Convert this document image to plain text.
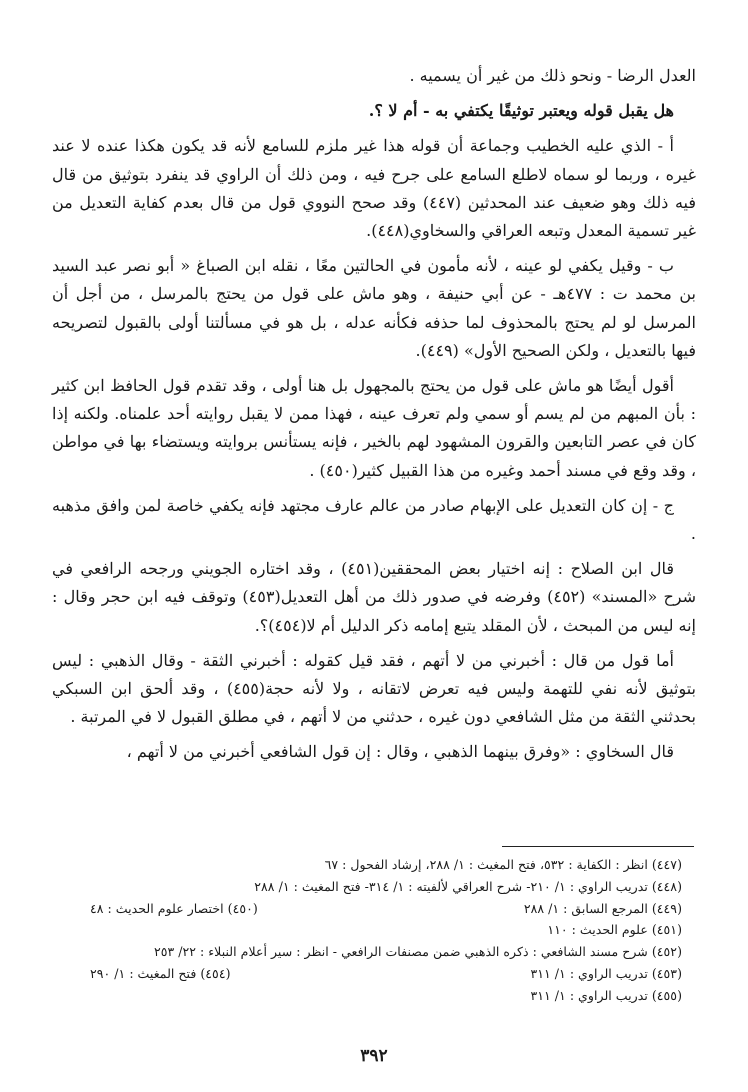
العدل الرضا - ونحو ذلك من غير أن يسميه .

هل يقبل قوله ويعتبر توثيقًا يكتفي به - أم لا ؟.

أ - الذي عليه الخطيب وجماعة أن قوله هذا غير ملزم للسامع لأنه قد يكون هكذا عنده لا عند غيره ، وربما لو سماه لاطلع السامع على جرح فيه ، ومن ذلك أن الراوي قد ينفرد بتوثيق من قال فيه ذلك وهو ضعيف عند المحدثين (٤٤٧) وقد صحح النووي قول من قال بعدم كفاية التعديل من غير تسمية المعدل وتبعه العراقي والسخاوي(٤٤٨).

ب - وقيل يكفي لو عينه ، لأنه مأمون في الحالتين معًا ، نقله ابن الصباغ « أبو نصر عبد السيد بن محمد ت : ٤٧٧هـ - عن أبي حنيفة ، وهو ماش على قول من يحتج بالمرسل ، من أجل أن المرسل لو لم يحتج بالمحذوف لما حذفه فكأنه عدله ، بل هو في مسألتنا أولى بالقبول لتصريحه فيها بالتعديل ، ولكن الصحيح الأول» (٤٤٩).

أقول أيضًا هو ماش على قول من يحتج بالمجهول بل هنا أولى ، وقد تقدم قول الحافظ ابن كثير : بأن المبهم من لم يسم أو سمي ولم تعرف عينه ، فهذا ممن لا يقبل روايته أحد علمناه. ولكنه إذا كان في عصر التابعين والقرون المشهود لهم بالخير ، فإنه يستأنس بروايته ويستضاء بها في مواطن ، وقد وقع في مسند أحمد وغيره من هذا القبيل كثير(٤٥٠) .

ج - إن كان التعديل على الإبهام صادر من عالم عارف مجتهد فإنه يكفي خاصة لمن وافق مذهبه .

قال ابن الصلاح : إنه اختيار بعض المحققين(٤٥١) ، وقد اختاره الجويني ورجحه الرافعي في شرح «المسند» (٤٥٢) وفرضه في صدور ذلك من أهل التعديل(٤٥٣) وتوقف فيه ابن حجر وقال : إنه ليس من المبحث ، لأن المقلد يتبع إمامه ذكر الدليل أم لا(٤٥٤)؟.

أما قول من قال : أخبرني من لا أتهم ، فقد قيل كقوله : أخبرني الثقة - وقال الذهبي : ليس بتوثيق لأنه نفي للتهمة وليس فيه تعرض لاتقانه ، ولا لأنه حجة(٤٥٥) ، وقد ألحق ابن السبكي بحدثني الثقة من مثل الشافعي دون غيره ، حدثني من لا أتهم ، في مطلق القبول لا في المرتبة .

قال السخاوي : «وفرق بينهما الذهبي ، وقال : إن قول الشافعي أخبرني من لا أتهم ،

(٤٤٧) انظر : الكفاية : ٥٣٢، فتح المغيث : ١/ ٢٨٨، إرشاد الفحول : ٦٧
(٤٤٨) تدريب الراوي : ١/ ٢١٠- شرح العراقي لألفيته : ١/ ٣١٤- فتح المغيث : ١/ ٢٨٨
(٤٤٩) المرجع السابق : ١/ ٢٨٨
(٤٥٠) اختصار علوم الحديث : ٤٨
(٤٥١) علوم الحديث : ١١٠
(٤٥٢) شرح مسند الشافعي : ذكره الذهبي ضمن مصنفات الرافعي - انظر : سير أعلام النبلاء : ٢٢/ ٢٥٣
(٤٥٣) تدريب الراوي : ١/ ٣١١
(٤٥٤) فتح المغيث : ١/ ٢٩٠
(٤٥٥) تدريب الراوي : ١/ ٣١١
٣٩٢
